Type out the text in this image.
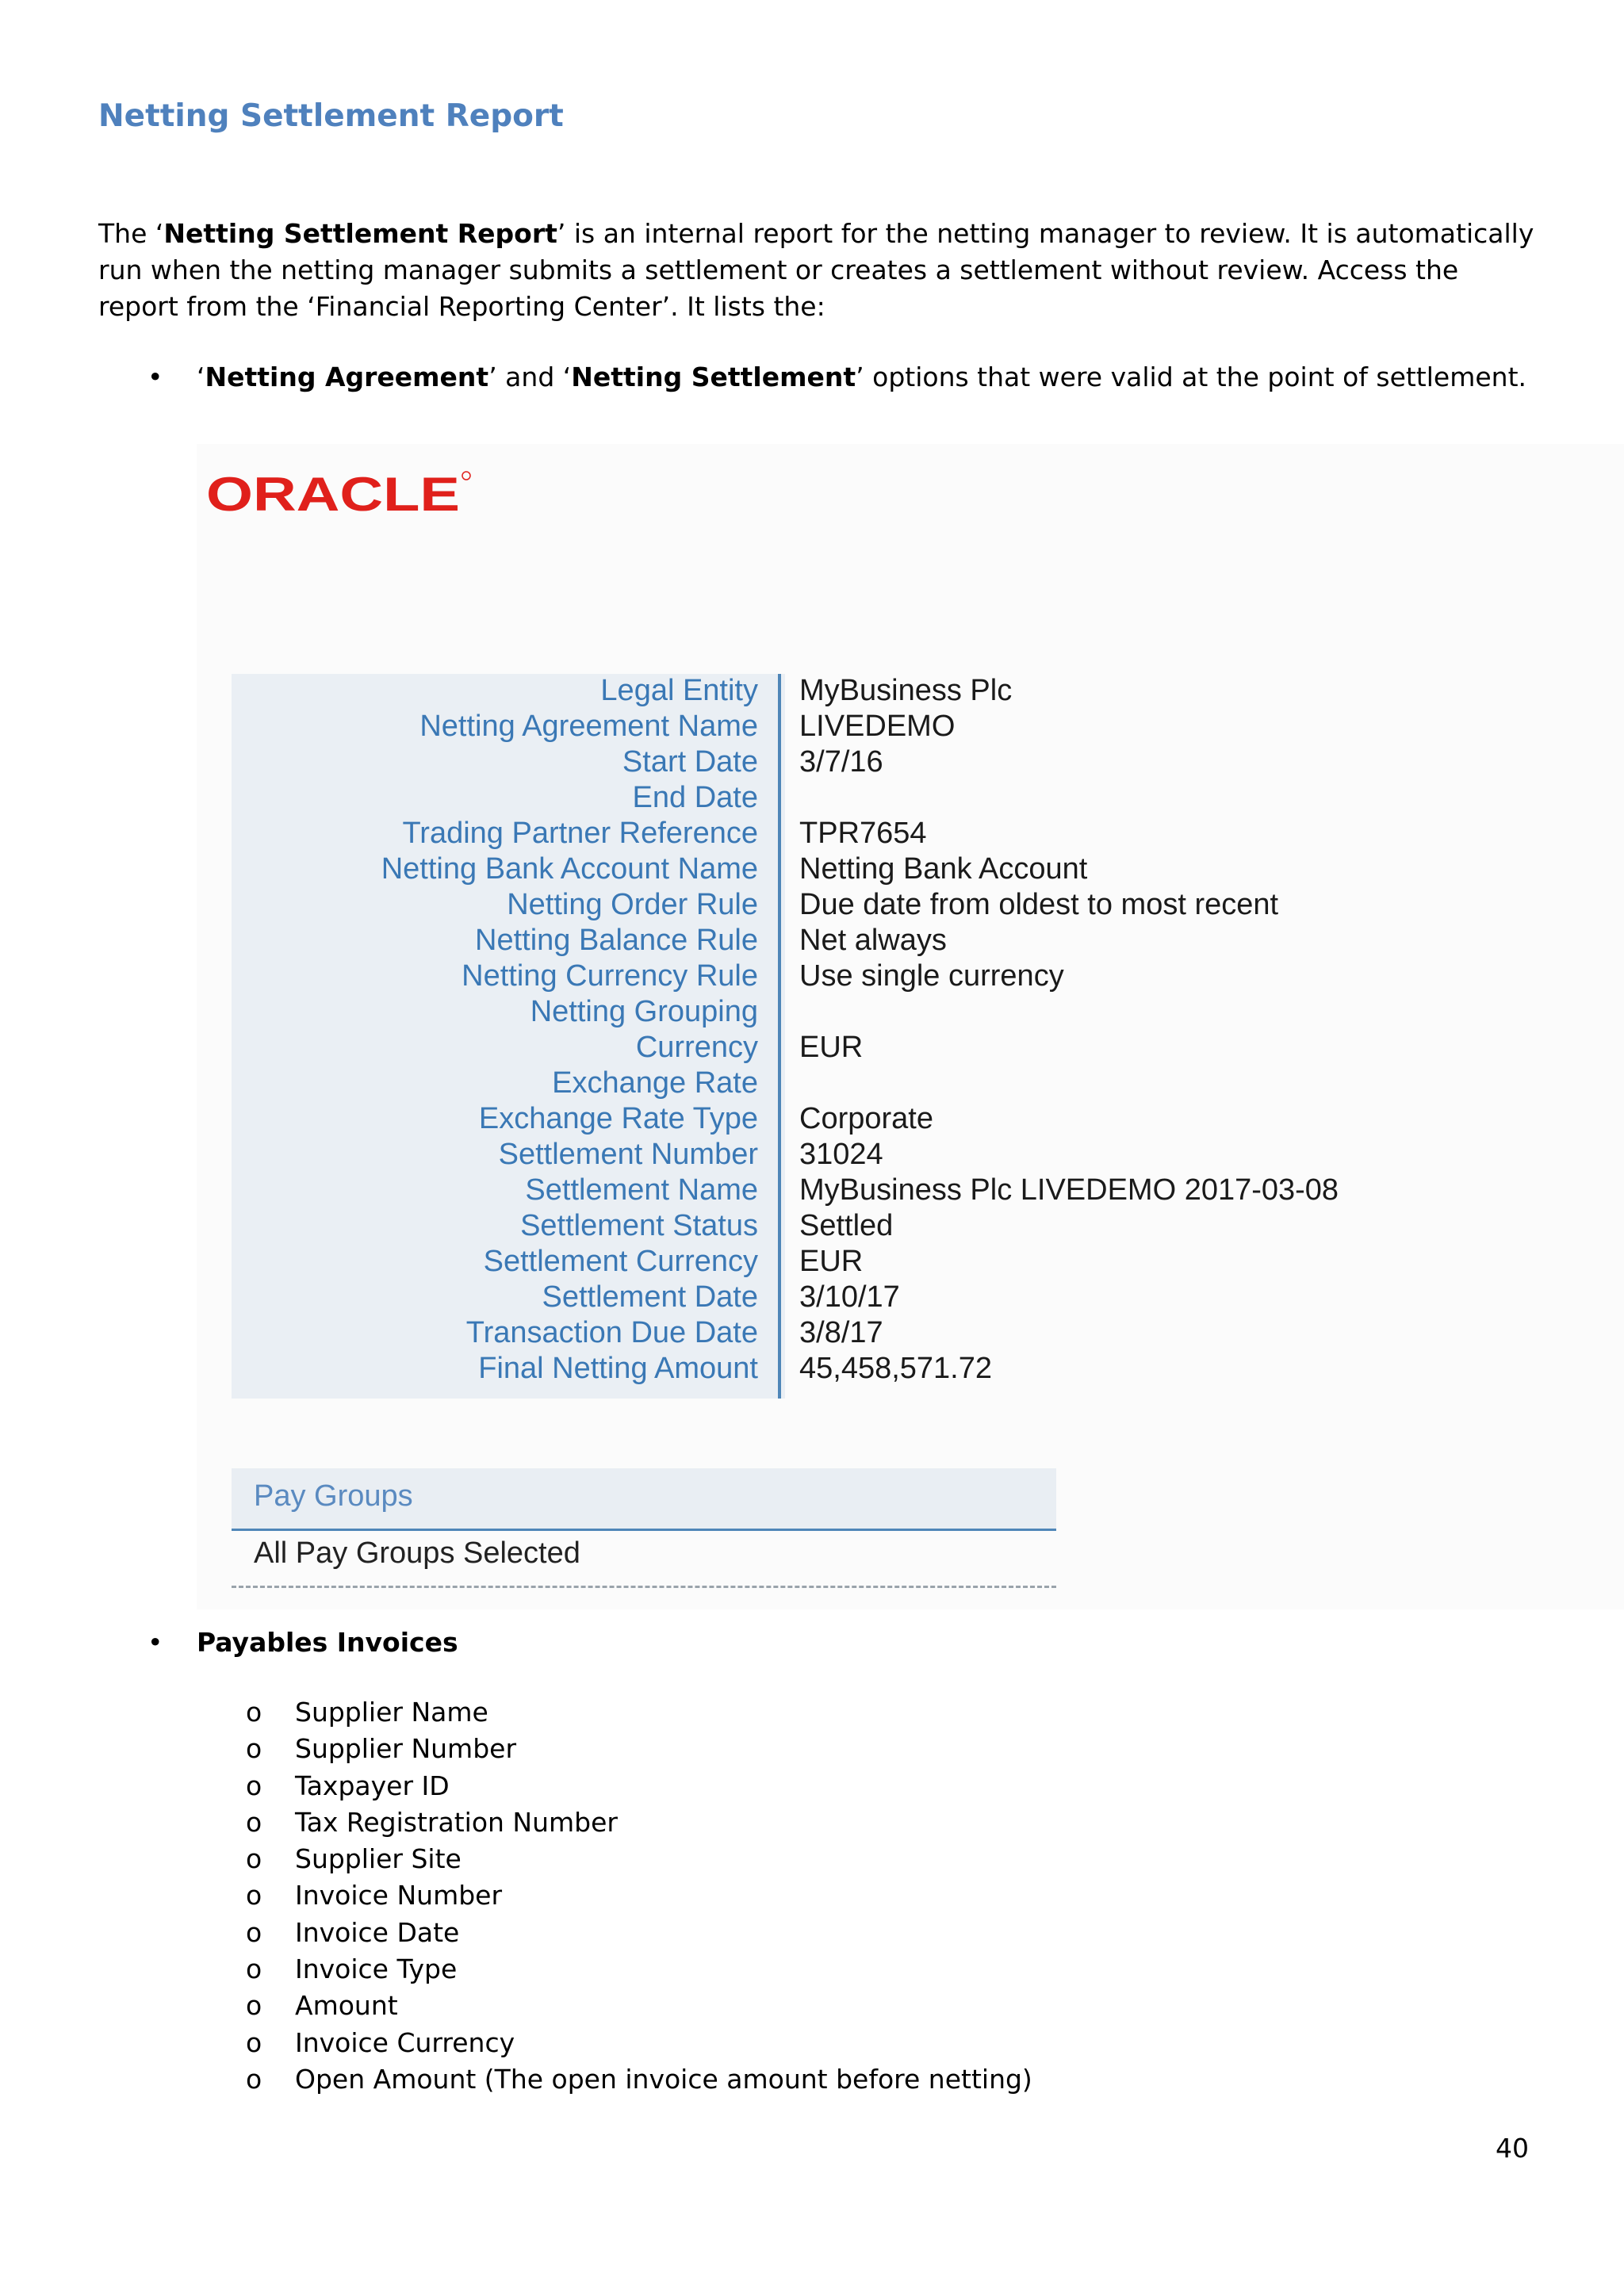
Netting Settlement Report
The ‘Netting Settlement Report’ is an internal report for the netting manager to review. It is automatically run when the netting manager submits a settlement or creates a settlement without review. Access the report from the ‘Financial Reporting Center’. It lists the:
• ‘Netting Agreement’ and ‘Netting Settlement’ options that were valid at the point of settlement.
ORACLE
Legal Entity
Netting Agreement Name
Start Date
End Date
Trading Partner Reference
Netting Bank Account Name
Netting Order Rule
Netting Balance Rule
Netting Currency Rule
Netting Grouping
Currency
Exchange Rate
Exchange Rate Type
Settlement Number
Settlement Name
Settlement Status
Settlement Currency
Settlement Date
Transaction Due Date
Final Netting Amount
MyBusiness Plc
LIVEDEMO
3/7/16
TPR7654
Netting Bank Account
Due date from oldest to most recent
Net always
Use single currency
EUR
Corporate
31024
MyBusiness Plc LIVEDEMO 2017-03-08
Settled
EUR
3/10/17
3/8/17
45,458,571.72
Pay Groups
All Pay Groups Selected
• Payables Invoices
o Supplier Name
o Supplier Number
o Taxpayer ID
o Tax Registration Number
o Supplier Site
o Invoice Number
o Invoice Date
o Invoice Type
o Amount
o Invoice Currency
o Open Amount (The open invoice amount before netting)
40
